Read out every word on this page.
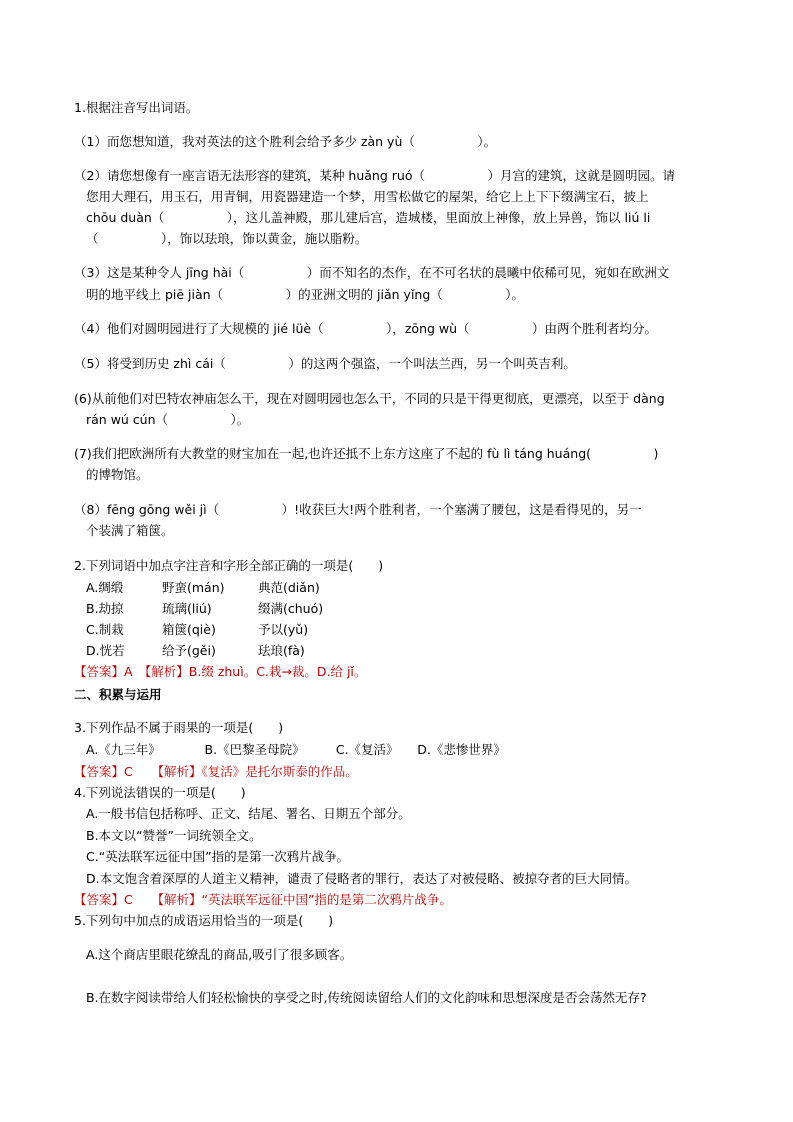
1.根据注音写出词语。
（1）而您想知道，我对英法的这个胜利会给予多少 zàn yù（　　　　　）。
（2）请您想像有一座言语无法形容的建筑，某种 huǎng ruó（　　　　　）月宫的建筑，这就是圆明园。请
您用大理石，用玉石，用青铜，用瓷器建造一个梦，用雪松做它的屋架，给它上上下下缀满宝石，披上
chōu duàn（　　　　　），这儿盖神殿，那儿建后宫，造城楼，里面放上神像，放上异兽，饰以 liú li
（　　　　　），饰以珐琅，饰以黄金，施以脂粉。
（3）这是某种令人 jīng hài（　　　　　）而不知名的杰作，在不可名状的晨曦中依稀可见，宛如在欧洲文
明的地平线上 piē jiàn（　　　　　）的亚洲文明的 jiǎn yǐng（　　　　　）。
（4）他们对圆明园进行了大规模的 jié lüè（　　　　　），zōng wù（　　　　　）由两个胜利者均分。
（5）将受到历史 zhì cái（　　　　　）的这两个强盗，一个叫法兰西，另一个叫英吉利。
(6)从前他们对巴特农神庙怎么干，现在对圆明园也怎么干，不同的只是干得更彻底，更漂亮，以至于 dàng
rán wú cún（　　　　　）。
(7)我们把欧洲所有大教堂的财宝加在一起,也许还抵不上东方这座了不起的 fù lì táng huáng(　　　　　)
的博物馆。
（8）fēng gōng wěi jì（　　　　　）!收获巨大!两个胜利者，一个塞满了腰包，这是看得见的，另一
个装满了箱箧。
2.下列词语中加点字注音和字形全部正确的一项是(　　)
A.绸缎	野蛮(mán)	典范(diǎn)
B.劫掠	琉璃(liú)	缀满(chuó)
C.制栽	箱箧(qiè)	予以(yǔ)
D.恍若	给予(gěi)	珐琅(fà)
【答案】A　【解析】B.缀 zhuì。C.栽→裁。D.给 jǐ。
二、积累与运用
3.下列作品不属于雨果的一项是(　　)
A.《九三年》　　　　B.《巴黎圣母院》　　　C.《复活》　　D.《悲惨世界》
【答案】C　　【解析】《复活》是托尔斯泰的作品。
4.下列说法错误的一项是(　　)
A.一般书信包括称呼、正文、结尾、署名、日期五个部分。
B.本文以“赞誉”一词统领全文。
C.“英法联军远征中国”指的是第一次鸦片战争。
D.本文饱含着深厚的人道主义精神，谴责了侵略者的罪行，表达了对被侵略、被掠夺者的巨大同情。
【答案】C　　【解析】“英法联军远征中国”指的是第二次鸦片战争。
5.下列句中加点的成语运用恰当的一项是(　　)
A.这个商店里眼花缭乱的商品,吸引了很多顾客。
B.在数字阅读带给人们轻松愉快的享受之时,传统阅读留给人们的文化韵味和思想深度是否会荡然无存?
